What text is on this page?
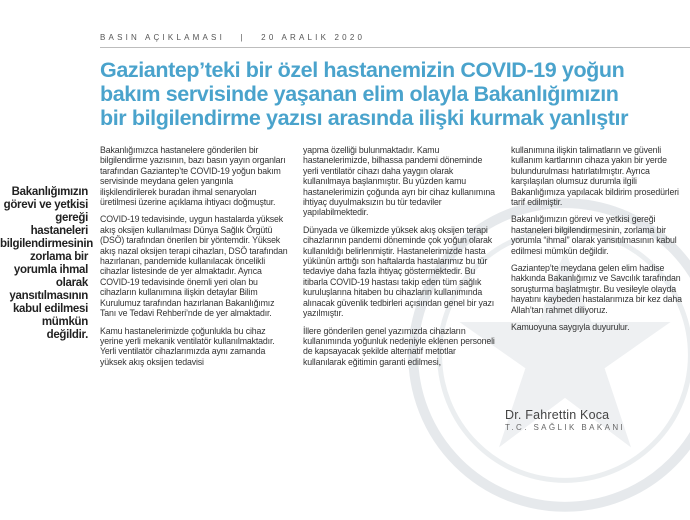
BASIN AÇIKLAMASI | 20 ARALIK 2020
Gaziantep’teki bir özel hastanemizin COVID-19 yoğun
bakım servisinde yaşanan elim olayla Bakanlığımızın
bir bilgilendirme yazısı arasında ilişki kurmak yanlıştır
Bakanlığımızın görevi ve yetkisi gereği hastaneleri bilgilendirmesinin zorlama bir yorumla ihmal olarak yansıtılmasının kabul edilmesi mümkün değildir.

Bakanlığımızca hastanelere gönderilen bir bilgilendirme yazısının, bazı basın yayın organları tarafından Gaziantep’te COVID-19 yoğun bakım servisinde meydana gelen yangınla ilişkilendirilerek buradan ihmal senaryoları üretilmesi üzerine açıklama ihtiyacı doğmuştur.

COVID-19 tedavisinde, uygun hastalarda yüksek akış oksijen kullanılması Dünya Sağlık Örgütü (DSÖ) tarafından önerilen bir yöntemdir. Yüksek akış nazal oksijen terapi cihazları, DSÖ tarafından hazırlanan, pandemide kullanılacak öncelikli cihazlar listesinde de yer almaktadır. Ayrıca COVID-19 tedavisinde önemli yeri olan bu cihazların kullanımına ilişkin detaylar Bilim Kurulumuz tarafından hazırlanan Bakanlığımız Tanı ve Tedavi Rehberi’nde de yer almaktadır.

Kamu hastanelerimizde çoğunlukla bu cihaz yerine yerli mekanik ventilatör kullanılmaktadır. Yerli ventilatör cihazlarımızda aynı zamanda yüksek akış oksijen tedavisi

yapma özelliği bulunmaktadır. Kamu hastanelerimizde, bilhassa pandemi döneminde yerli ventilatör cihazı daha yaygın olarak kullanılmaya başlanmıştır. Bu yüzden kamu hastanelerimizin çoğunda ayrı bir cihaz kullanımına ihtiyaç duyulmaksızın bu tür tedaviler yapılabilmektedir.

Dünyada ve ülkemizde yüksek akış oksijen terapi cihazlarının pandemi döneminde çok yoğun olarak kullanıldığı belirlenmiştir. Hastanelerimizde hasta yükünün arttığı son haftalarda hastalarımız bu tür tedaviye daha fazla ihtiyaç göstermektedir. Bu itibarla COVID-19 hastası takip eden tüm sağlık kuruluşlarına hitaben bu cihazların kullanımında alınacak güvenlik tedbirleri açısından genel bir yazı yazılmıştır.

İllere gönderilen genel yazımızda cihazların kullanımında yoğunluk nedeniyle eklenen personeli de kapsayacak şekilde alternatif metotlar kullanılarak eğitimin garanti edilmesi,

kullanımına ilişkin talimatların ve güvenli kullanım kartlarının cihaza yakın bir yerde bulundurulması hatırlatılmıştır. Ayrıca karşılaşılan olumsuz durumla ilgili Bakanlığımıza yapılacak bildirim prosedürleri tarif edilmiştir.

Bakanlığımızın görevi ve yetkisi gereği hastaneleri bilgilendirmesinin, zorlama bir yorumla “ihmal” olarak yansıtılmasının kabul edilmesi mümkün değildir.

Gaziantep’te meydana gelen elim hadise hakkında Bakanlığımız ve Savcılık tarafından soruşturma başlatmıştır. Bu vesileyle olayda hayatını kaybeden hastalarımıza bir kez daha Allah’tan rahmet diliyoruz.

Kamuoyuna saygıyla duyurulur.

Dr. Fahrettin Koca
T.C. SAĞLIK BAKANI
